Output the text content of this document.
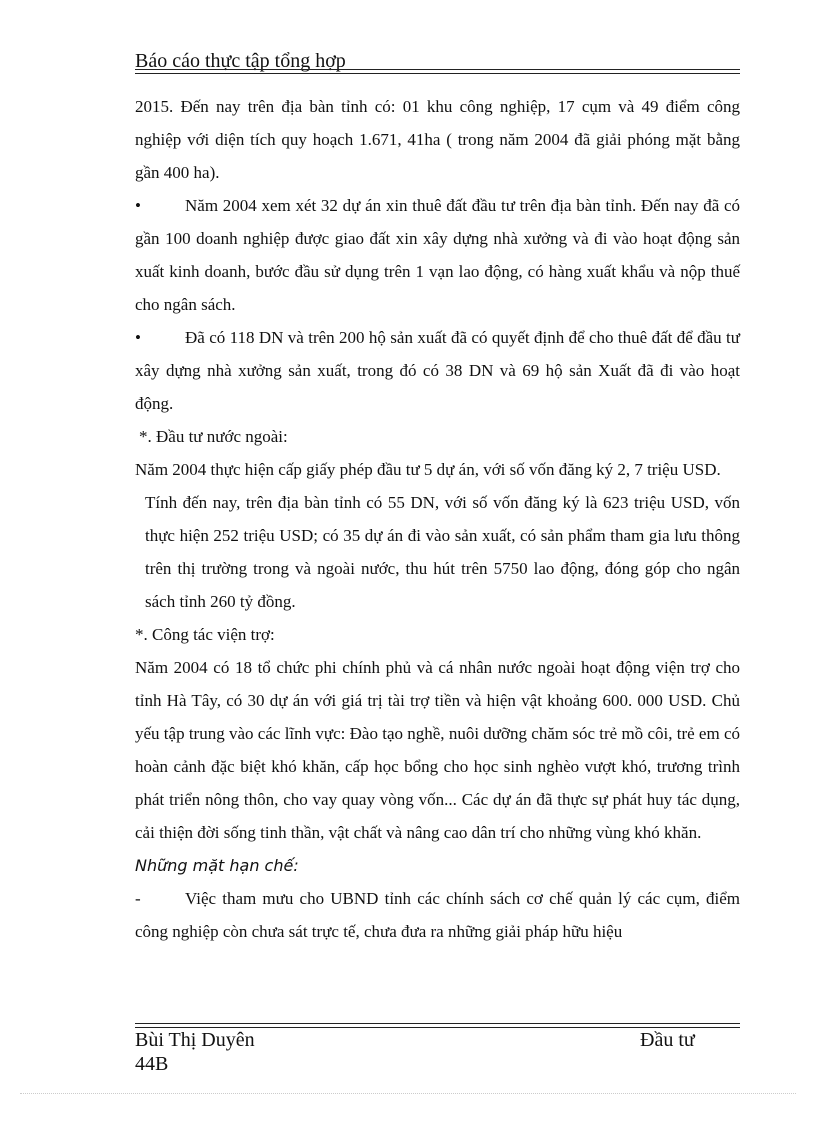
Báo cáo thực tập tổng hợp

2015. Đến nay trên địa bàn tỉnh có: 01 khu công nghiệp, 17 cụm và 49 điểm công nghiệp với diện tích quy hoạch 1.671, 41ha ( trong năm 2004 đã giải phóng mặt bằng gần 400 ha).

•	Năm 2004 xem xét 32 dự án xin thuê đất đầu tư trên địa bàn tỉnh. Đến nay đã có gần 100 doanh nghiệp được giao đất xin xây dựng nhà xưởng và đi vào hoạt động sản xuất kinh doanh, bước đầu sử dụng trên 1 vạn lao động, có hàng xuất khẩu và nộp thuế cho ngân sách.

•	Đã có 118 DN và trên 200 hộ sản xuất đã có quyết định để cho thuê đất để đầu tư xây dựng nhà xưởng sản xuất, trong đó có 38 DN và 69 hộ sản Xuất đã đi vào hoạt động.

*. Đầu tư nước ngoài:

Năm 2004 thực hiện cấp giấy phép đầu tư 5 dự án, với số vốn đăng ký 2, 7 triệu USD.

Tính đến nay, trên địa bàn tỉnh có 55 DN, với số vốn đăng ký là 623 triệu USD, vốn thực hiện 252 triệu USD; có 35 dự án đi vào sản xuất, có sản phẩm tham gia lưu thông trên thị trường trong và ngoài nước, thu hút trên 5750 lao động, đóng góp cho ngân sách tỉnh 260 tỷ đồng.

*. Công tác viện trợ:

Năm 2004 có 18 tổ chức phi chính phủ và cá nhân nước ngoài hoạt động viện trợ cho tỉnh Hà Tây, có 30 dự án với giá trị tài trợ tiền và hiện vật khoảng 600. 000 USD. Chủ yếu tập trung vào các lĩnh vực: Đào tạo nghề, nuôi dưỡng chăm sóc trẻ mồ côi, trẻ em có hoàn cảnh đặc biệt khó khăn, cấp học bổng cho học sinh nghèo vượt khó, trương trình phát triển nông thôn, cho vay quay vòng vốn... Các dự án đã thực sự phát huy tác dụng, cải thiện đời sống tinh thần, vật chất và nâng cao dân trí cho những vùng khó khăn.

Những mặt hạn chế:

-	Việc tham mưu cho UBND tỉnh các chính sách cơ chế quản lý các cụm, điểm công nghiệp còn chưa sát trực tế, chưa đưa ra những giải pháp hữu hiệu

Bùi Thị Duyên
44B
Đầu tư
